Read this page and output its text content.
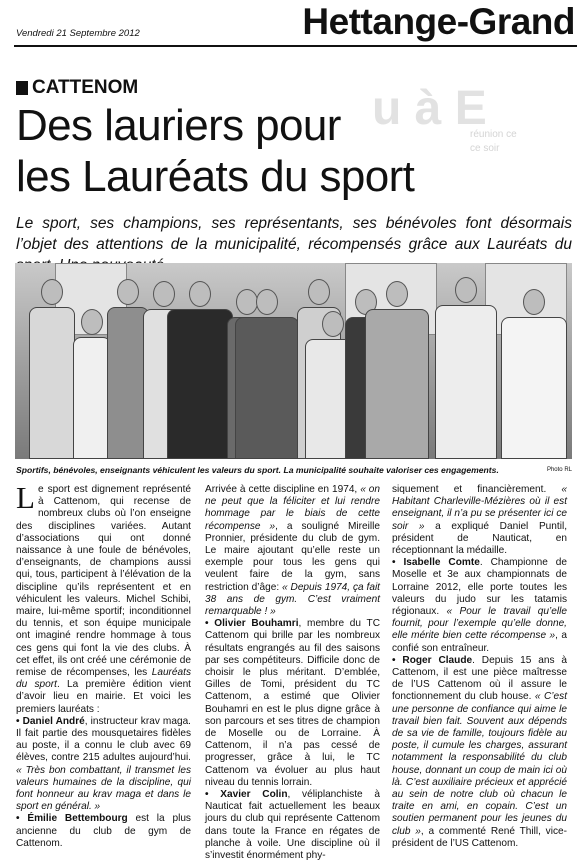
u à E
réunion ce
ce soir
Vendredi 21 Septembre 2012	Hettange-Grand
CATTENOM
Des lauriers pour
les Lauréats du sport
Le sport, ses champions, ses représentants, ses bénévoles font désormais l’objet des attentions de la municipalité, récompensés grâce aux Lauréats du
Sportifs, bénévoles, enseignants véhiculent les valeurs du sport. La municipalité souhaite valoriser ces engagements.	Photo RL

Le sport est dignement représenté à Cattenom, qui recense de nombreux clubs où l’on enseigne des disciplines variées. Autant d’associations qui ont donné naissance à une foule de bénévoles, d’enseignants, de champions aussi qui, tous, participent à l’élévation de la discipline qu’ils représentent et en véhiculent les valeurs. Michel Schibi, maire, lui-même sportif; inconditionnel du tennis, et son équipe municipale ont imaginé rendre hommage à tous ces gens qui font la vie des clubs. À cet effet, ils ont créé une cérémonie de remise de récompenses, les Lauréats du sport. La première édition vient d’avoir lieu en mairie. Et voici les premiers lauréats :

• Daniel André, instructeur krav maga. Il fait partie des mousquetaires fidèles au poste, il a connu le club avec 69 élèves, contre 215 adultes aujourd’hui. « Très bon combattant, il transmet les valeurs humaines de la discipline, qui font honneur au krav maga et dans le sport en général. »

• Émilie Bettembourg est la plus ancienne du club de gym de Cattenom.

Arrivée à cette discipline en 1974, « on ne peut que la féliciter et lui rendre hommage par le biais de cette récompense », a souligné Mireille Pronnier, présidente du club de gym. Le maire ajoutant qu’elle reste un exemple pour tous les gens qui veulent faire de la gym, sans restriction d’âge: « Depuis 1974, ça fait 38 ans de gym. C’est vraiment remarquable ! »

• Olivier Bouhamri, membre du TC Cattenom qui brille par les nombreux résultats engrangés au fil des saisons par ses compétiteurs. Difficile donc de choisir le plus méritant. D’emblée, Gilles de Tomi, président du TC Cattenom, a estimé que Olivier Bouhamri en est le plus digne grâce à son parcours et ses titres de champion de Moselle ou de Lorraine. À Cattenom, il n’a pas cessé de progresser, grâce à lui, le TC Cattenom va évoluer au plus haut niveau du tennis lorrain.

• Xavier Colin, véliplanchiste à Nauticat fait actuellement les beaux jours du club qui représente Cattenom dans toute la France en régates de planche à voile. Une discipline où il s’investit énormément phy-

siquement et financièrement. « Habitant Charleville-Mézières où il est enseignant, il n’a pu se présenter ici ce soir » a expliqué Daniel Puntil, président de Nauticat, en réceptionnant la médaille.

• Isabelle Comte. Championne de Moselle et 3e aux championnats de Lorraine 2012, elle porte toutes les valeurs du judo sur les tatamis régionaux. « Pour le travail qu’elle fournit, pour l’exemple qu’elle donne, elle mérite bien cette récompense », a confié son entraîneur.

• Roger Claude. Depuis 15 ans à Cattenom, il est une pièce maîtresse de l’US Cattenom où il assure le fonctionnement du club house. « C’est une personne de confiance qui aime le travail bien fait. Souvent aux dépends de sa vie de famille, toujours fidèle au poste, il cumule les charges, assurant notamment la responsabilité du club house, donnant un coup de main ici où là. C’est auxiliaire précieux et apprécié au sein de notre club où chacun le traite en ami, en copain. C’est un soutien permanent pour les jeunes du club », a commenté René Thill, vice-président de l’US Cattenom.
